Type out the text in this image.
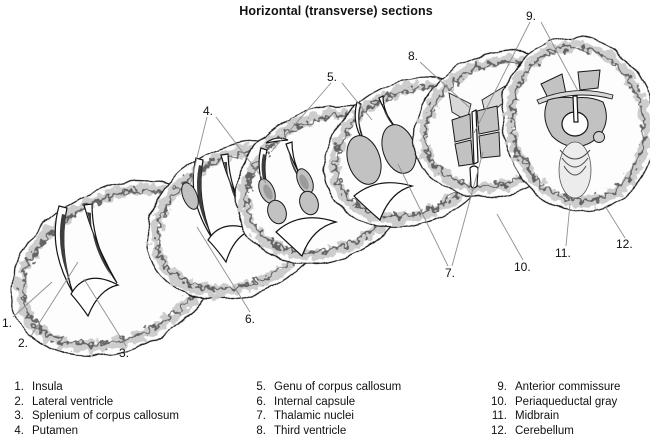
Horizontal (transverse) sections
1.
2.
3.
4.
5.
6.
7.
8.
9.
10.
11.
12.
1. Insula
2. Lateral ventricle
3. Splenium of corpus callosum
4. Putamen
5. Genu of corpus callosum
6. Internal capsule
7. Thalamic nuclei
8. Third ventricle
9. Anterior commissure
10. Periaqueductal gray
11. Midbrain
12. Cerebellum
